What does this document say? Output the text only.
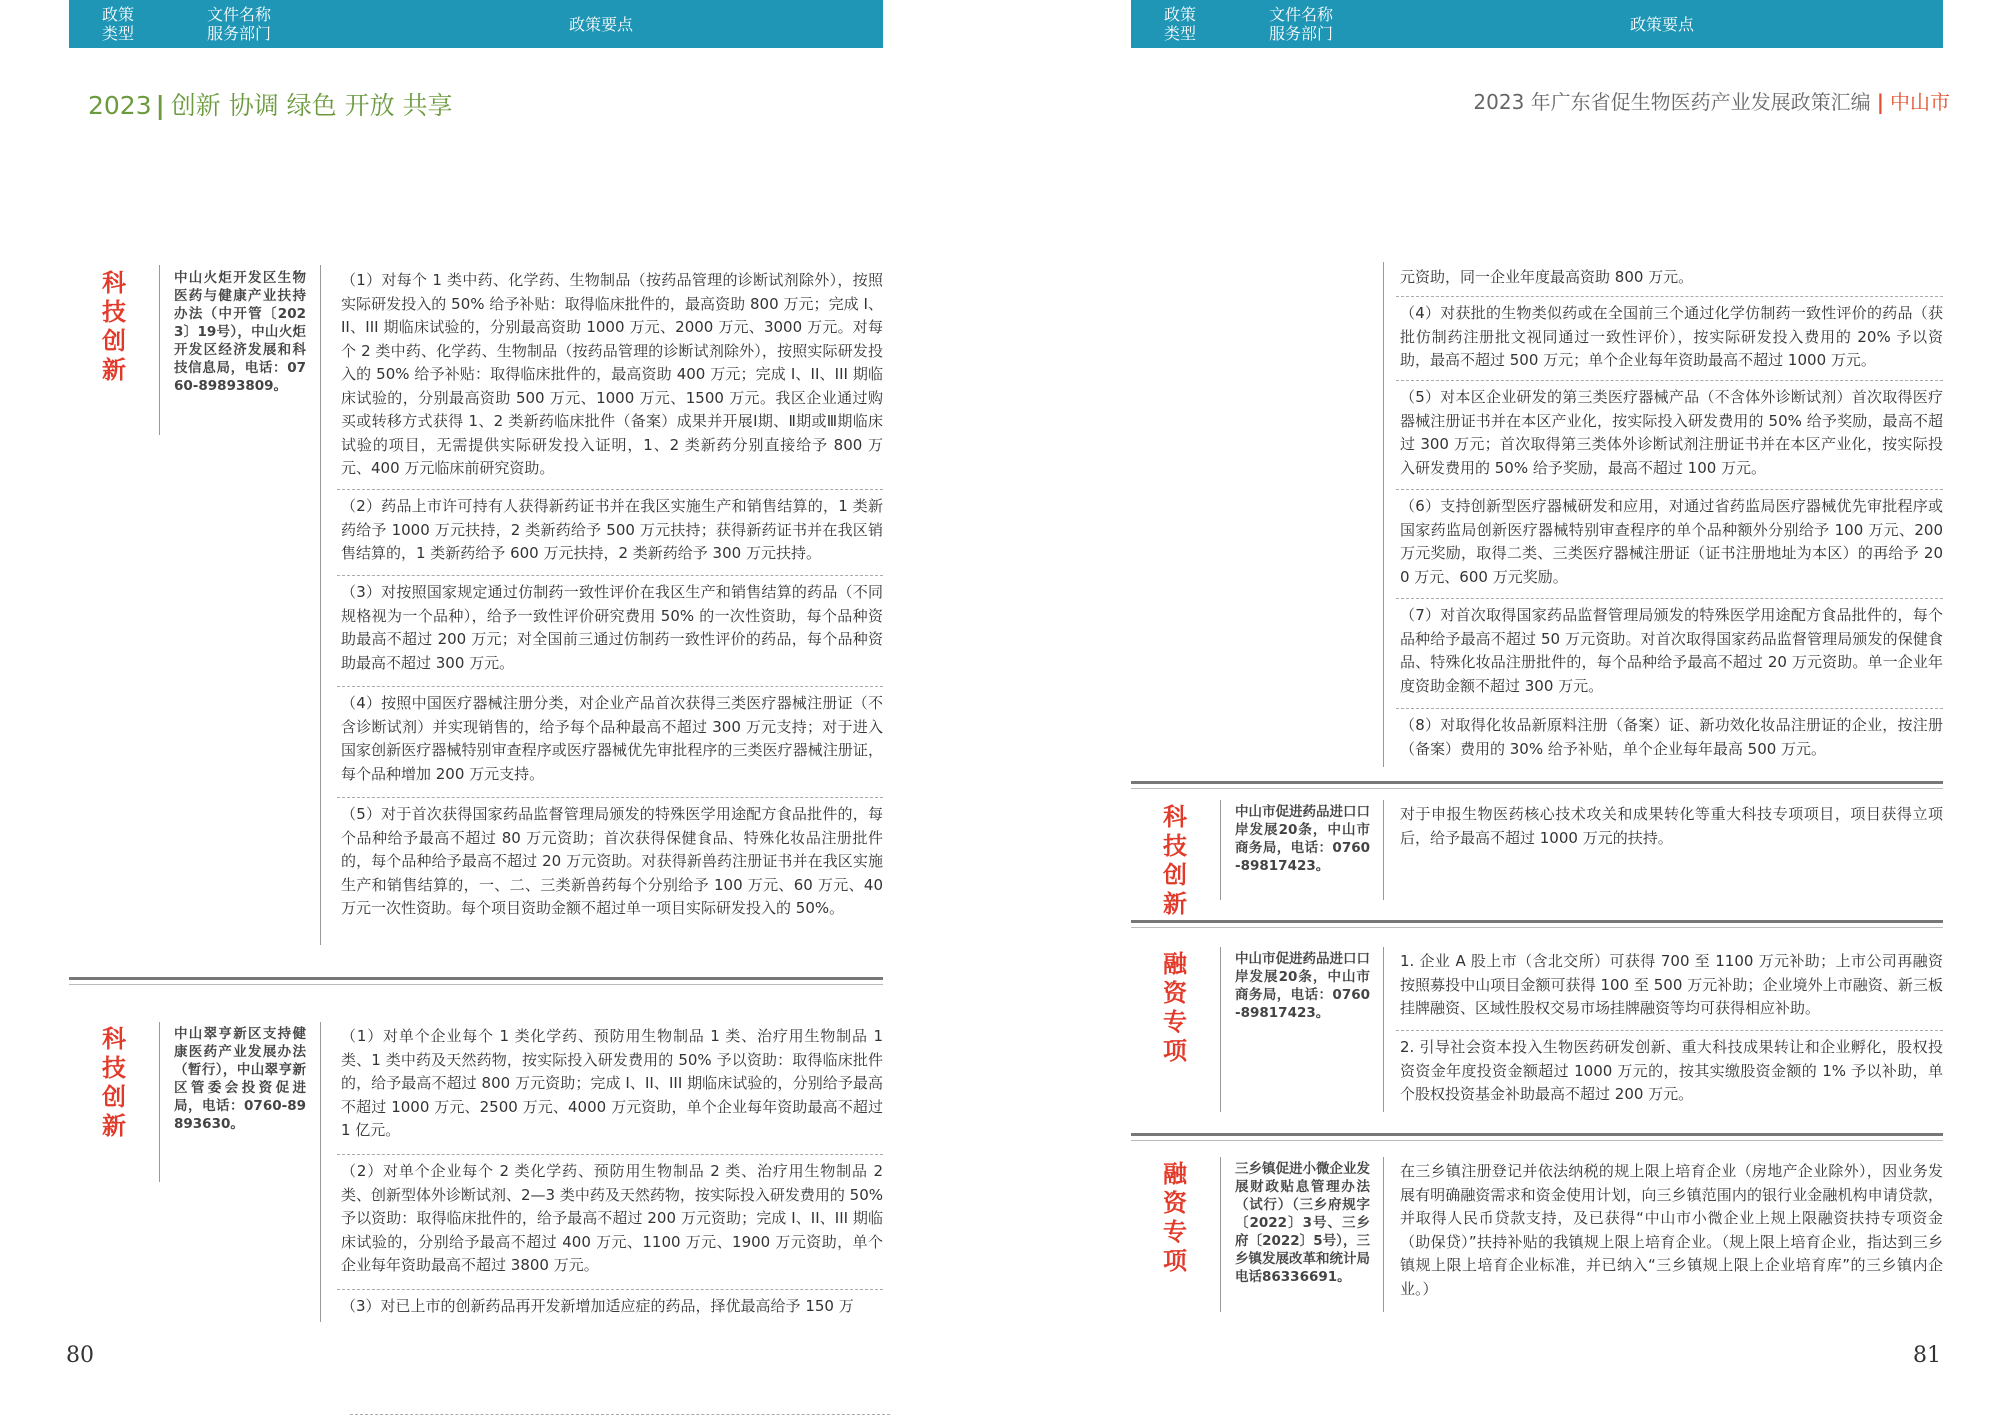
2023 | 创新 协调 绿色 开放 共享
政策
类型
文件名称
服务部门	政策要点
科技创新
中山火炬开发区生物医药与健康产业扶持办法（中开管〔2023〕19号），中山火炬开发区经济发展和科技信息局，电话：0760-89893809。
（1）对每个 1 类中药、化学药、生物制品（按药品管理的诊断试剂除外），按照实际研发投入的 50% 给予补贴：取得临床批件的，最高资助 800 万元；完成 I、II、III 期临床试验的，分别最高资助 1000 万元、2000 万元、3000 万元。对每个 2 类中药、化学药、生物制品（按药品管理的诊断试剂除外），按照实际研发投入的 50% 给予补贴：取得临床批件的，最高资助 400 万元；完成 I、II、III 期临床试验的，分别最高资助 500 万元、1000 万元、1500 万元。我区企业通过购买或转移方式获得 1、2 类新药临床批件（备案）成果并开展Ⅰ期、Ⅱ期或Ⅲ期临床试验的项目，无需提供实际研发投入证明，1、2 类新药分别直接给予 800 万元、400 万元临床前研究资助。
（2）药品上市许可持有人获得新药证书并在我区实施生产和销售结算的，1 类新药给予 1000 万元扶持，2 类新药给予 500 万元扶持；获得新药证书并在我区销售结算的，1 类新药给予 600 万元扶持，2 类新药给予 300 万元扶持。
（3）对按照国家规定通过仿制药一致性评价在我区生产和销售结算的药品（不同规格视为一个品种），给予一致性评价研究费用 50% 的一次性资助，每个品种资助最高不超过 200 万元；对全国前三通过仿制药一致性评价的药品，每个品种资助最高不超过 300 万元。
（4）按照中国医疗器械注册分类，对企业产品首次获得三类医疗器械注册证（不含诊断试剂）并实现销售的，给予每个品种最高不超过 300 万元支持；对于进入国家创新医疗器械特别审查程序或医疗器械优先审批程序的三类医疗器械注册证，每个品种增加 200 万元支持。
（5）对于首次获得国家药品监督管理局颁发的特殊医学用途配方食品批件的，每个品种给予最高不超过 80 万元资助；首次获得保健食品、特殊化妆品注册批件的，每个品种给予最高不超过 20 万元资助。对获得新兽药注册证书并在我区实施生产和销售结算的，一、二、三类新兽药每个分别给予 100 万元、60 万元、40 万元一次性资助。每个项目资助金额不超过单一项目实际研发投入的 50%。
科技创新
中山翠亨新区支持健康医药产业发展办法（暂行），中山翠亨新区管委会投资促进局，电话：0760-89893630。
（1）对单个企业每个 1 类化学药、预防用生物制品 1 类、治疗用生物制品 1 类、1 类中药及天然药物，按实际投入研发费用的 50% 予以资助：取得临床批件的，给予最高不超过 800 万元资助；完成 I、II、III 期临床试验的，分别给予最高不超过 1000 万元、2500 万元、4000 万元资助，单个企业每年资助最高不超过 1 亿元。
（2）对单个企业每个 2 类化学药、预防用生物制品 2 类、治疗用生物制品 2 类、创新型体外诊断试剂、2—3 类中药及天然药物，按实际投入研发费用的 50% 予以资助：取得临床批件的，给予最高不超过 200 万元资助；完成 I、II、III 期临床试验的，分别给予最高不超过 400 万元、1100 万元、1900 万元资助，单个企业每年资助最高不超过 3800 万元。
（3）对已上市的创新药品再开发新增加适应症的药品，择优最高给予 150 万
80
2023 年广东省促生物医药产业发展政策汇编 | 中山市
政策
类型
文件名称
服务部门	政策要点
元资助，同一企业年度最高资助 800 万元。
（4）对获批的生物类似药或在全国前三个通过化学仿制药一致性评价的药品（获批仿制药注册批文视同通过一致性评价），按实际研发投入费用的 20% 予以资助，最高不超过 500 万元；单个企业每年资助最高不超过 1000 万元。
（5）对本区企业研发的第三类医疗器械产品（不含体外诊断试剂）首次取得医疗器械注册证书并在本区产业化，按实际投入研发费用的 50% 给予奖励，最高不超过 300 万元；首次取得第三类体外诊断试剂注册证书并在本区产业化，按实际投入研发费用的 50% 给予奖励，最高不超过 100 万元。
（6）支持创新型医疗器械研发和应用，对通过省药监局医疗器械优先审批程序或国家药监局创新医疗器械特别审查程序的单个品种额外分别给予 100 万元、200 万元奖励，取得二类、三类医疗器械注册证（证书注册地址为本区）的再给予 200 万元、600 万元奖励。
（7）对首次取得国家药品监督管理局颁发的特殊医学用途配方食品批件的，每个品种给予最高不超过 50 万元资助。对首次取得国家药品监督管理局颁发的保健食品、特殊化妆品注册批件的，每个品种给予最高不超过 20 万元资助。单一企业年度资助金额不超过 300 万元。
（8）对取得化妆品新原料注册（备案）证、新功效化妆品注册证的企业，按注册（备案）费用的 30% 给予补贴，单个企业每年最高 500 万元。
科技创新
中山市促进药品进口口岸发展20条，中山市商务局，电话：0760-89817423。
对于申报生物医药核心技术攻关和成果转化等重大科技专项项目，项目获得立项后，给予最高不超过 1000 万元的扶持。
融资专项
中山市促进药品进口口岸发展20条，中山市商务局，电话：0760-89817423。
1. 企业 A 股上市（含北交所）可获得 700 至 1100 万元补助；上市公司再融资按照募投中山项目金额可获得 100 至 500 万元补助；企业境外上市融资、新三板挂牌融资、区域性股权交易市场挂牌融资等均可获得相应补助。
2. 引导社会资本投入生物医药研发创新、重大科技成果转让和企业孵化，股权投资资金年度投资金额超过 1000 万元的，按其实缴股资金额的 1% 予以补助，单个股权投资基金补助最高不超过 200 万元。
融资专项
三乡镇促进小微企业发展财政贴息管理办法（试行）（三乡府规字〔2022〕3号、三乡府〔2022〕5号），三乡镇发展改革和统计局电话86336691。
在三乡镇注册登记并依法纳税的规上限上培育企业（房地产企业除外），因业务发展有明确融资需求和资金使用计划，向三乡镇范围内的银行业金融机构申请贷款， 并取得人民币贷款支持，及已获得“中山市小微企业上规上限融资扶持专项资金（助保贷）”扶持补贴的我镇规上限上培育企业。（规上限上培育企业，指达到三乡镇规上限上培育企业标准，并已纳入“三乡镇规上限上企业培育库”的三乡镇内企业。）
81
